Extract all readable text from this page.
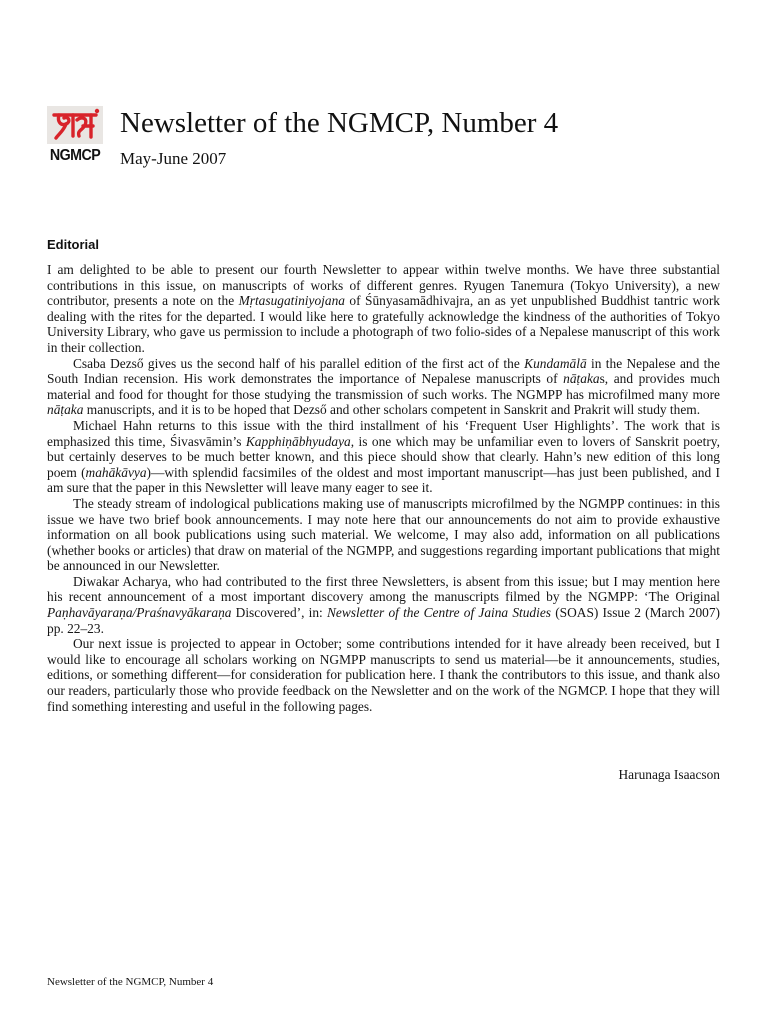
NGMCP
Newsletter of the NGMCP, Number 4
May-June 2007
Editorial

I am delighted to be able to present our fourth Newsletter to appear within twelve months. We have three substantial contributions in this issue, on manuscripts of works of different genres. Ryugen Tanemura (Tokyo University), a new contributor, presents a note on the Mṛtasugatiniyojana of Śūnyasamādhivajra, an as yet unpublished Buddhist tantric work dealing with the rites for the departed. I would like here to gratefully acknowledge the kindness of the authorities of Tokyo University Library, who gave us permission to include a photograph of two folio-sides of a Nepalese manuscript of this work in their collection.

Csaba Dezső gives us the second half of his parallel edition of the first act of the Kundamālā in the Nepalese and the South Indian recension. His work demonstrates the importance of Nepalese manuscripts of nāṭakas, and provides much material and food for thought for those studying the transmission of such works. The NGMPP has microfilmed many more nāṭaka manuscripts, and it is to be hoped that Dezső and other scholars competent in Sanskrit and Prakrit will study them.

Michael Hahn returns to this issue with the third installment of his ‘Frequent User Highlights’. The work that is emphasized this time, Śivasvāmin’s Kapphiṇābhyudaya, is one which may be unfamiliar even to lovers of Sanskrit poetry, but certainly deserves to be much better known, and this piece should show that clearly. Hahn’s new edition of this long poem (mahākāvya)—with splendid facsimiles of the oldest and most important manuscript—has just been published, and I am sure that the paper in this Newsletter will leave many eager to see it.

The steady stream of indological publications making use of manuscripts microfilmed by the NGMPP continues: in this issue we have two brief book announcements. I may note here that our announcements do not aim to provide exhaustive information on all book publications using such material. We welcome, I may also add, information on all publications (whether books or articles) that draw on material of the NGMPP, and suggestions regarding important publications that might be announced in our Newsletter.

Diwakar Acharya, who had contributed to the first three Newsletters, is absent from this issue; but I may mention here his recent announcement of a most important discovery among the manuscripts filmed by the NGMPP: ‘The Original Paṇhavāyaraṇa/Praśnavyākaraṇa Discovered’, in: Newsletter of the Centre of Jaina Studies (SOAS) Issue 2 (March 2007) pp. 22–23.

Our next issue is projected to appear in October; some contributions intended for it have already been received, but I would like to encourage all scholars working on NGMPP manuscripts to send us material—be it announcements, studies, editions, or something different—for consideration for publication here. I thank the contributors to this issue, and thank also our readers, particularly those who provide feedback on the Newsletter and on the work of the NGMCP. I hope that they will find something interesting and useful in the following pages.

Harunaga Isaacson
Newsletter of the NGMCP, Number 4
